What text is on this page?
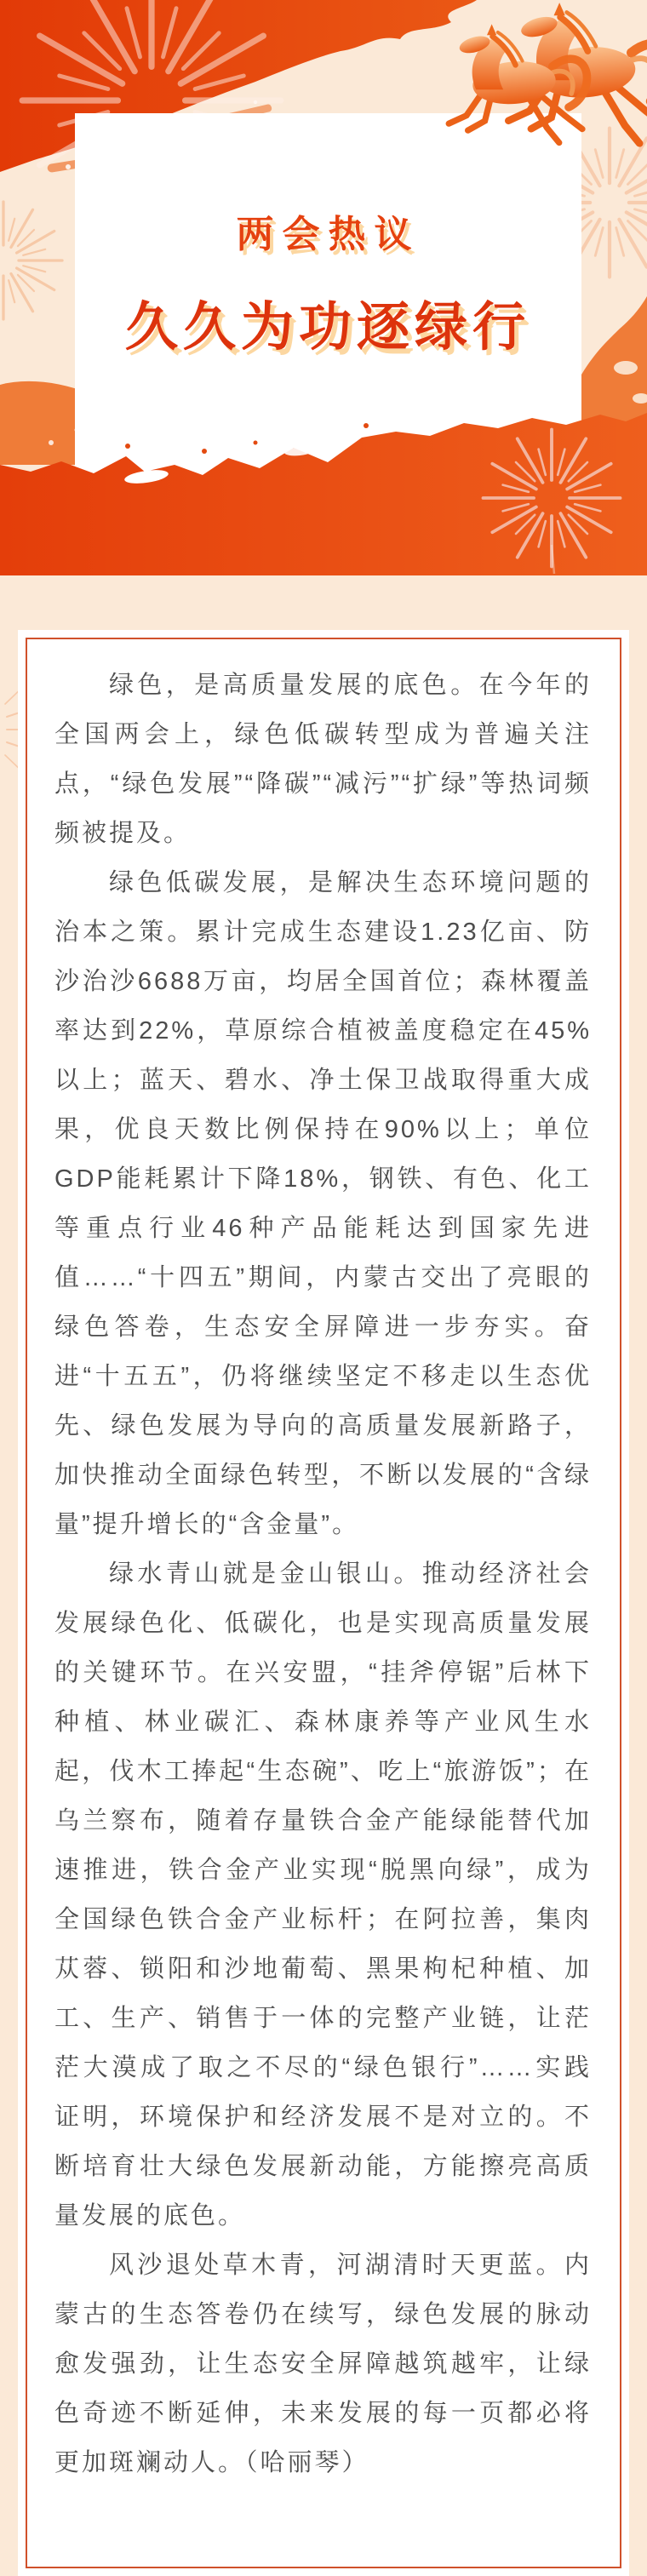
两会热议
久久为功逐绿行

绿色，是高质量发展的底色。在今年的全国两会上，绿色低碳转型成为普遍关注点，“绿色发展”“降碳”“减污”“扩绿”等热词频频被提及。

绿色低碳发展，是解决生态环境问题的治本之策。累计完成生态建设1.23亿亩、防沙治沙6688万亩，均居全国首位；森林覆盖率达到22%，草原综合植被盖度稳定在45%以上；蓝天、碧水、净土保卫战取得重大成果，优良天数比例保持在90%以上；单位GDP能耗累计下降18%，钢铁、有色、化工等重点行业46种产品能耗达到国家先进值……“十四五”期间，内蒙古交出了亮眼的绿色答卷，生态安全屏障进一步夯实。奋进“十五五”，仍将继续坚定不移走以生态优先、绿色发展为导向的高质量发展新路子，加快推动全面绿色转型，不断以发展的“含绿量”提升增长的“含金量”。

绿水青山就是金山银山。推动经济社会发展绿色化、低碳化，也是实现高质量发展的关键环节。在兴安盟，“挂斧停锯”后林下种植、林业碳汇、森林康养等产业风生水起，伐木工捧起“生态碗”、吃上“旅游饭”；在乌兰察布，随着存量铁合金产能绿能替代加速推进，铁合金产业实现“脱黑向绿”，成为全国绿色铁合金产业标杆；在阿拉善，集肉苁蓉、锁阳和沙地葡萄、黑果枸杞种植、加工、生产、销售于一体的完整产业链，让茫茫大漠成了取之不尽的“绿色银行”……实践证明，环境保护和经济发展不是对立的。不断培育壮大绿色发展新动能，方能擦亮高质量发展的底色。

风沙退处草木青，河湖清时天更蓝。内蒙古的生态答卷仍在续写，绿色发展的脉动愈发强劲，让生态安全屏障越筑越牢，让绿色奇迹不断延伸，未来发展的每一页都必将更加斑斓动人。（哈丽琴）
